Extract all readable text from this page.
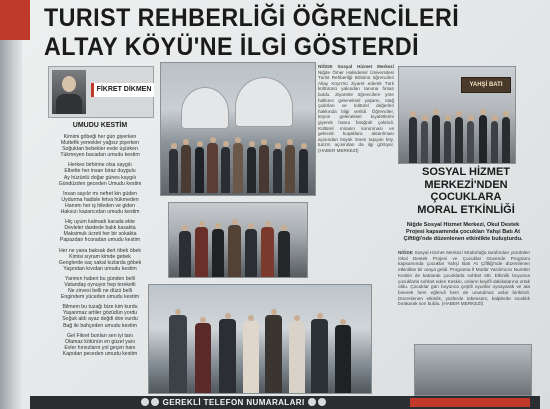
TURIST REHBERLİĞİ ÖĞRENCİLERİ
ALTAY KÖYÜ'NE İLGİ GÖSTERDİ
FİKRET DİKMEN
UMUDU KESTİM
Kimimi göbeği her gün giyerken
Muttefik yemekler yağsız pişerken
Soğuktan bebekler evde üşürken
Tükmeyen bacadan umudu kestim
Herkes birbirine olsa saygılı
Elbette her insan biraz duygulu
Ay hüzünlü doğar günes kaygılı
Gündüzden geceden Umudu kestim
Insan sayılır mı nefret kin güden
Uydurma hadisle fetva hükmeden
Hanımı her iş hileden ve giden
Haksızı kazancıdan umudu kestim
Hiç uyum kalmadı karada ekte
Devleler dardede balık kasakta
Maksimuk ücreti her bir sokakta
Papazdan fıcoradan umudu kestim
Her ne yana baksak dert öbek öbek
Kimisi sıyram kimde gebek
Genglerde saç sakal kızlarda göbek
Yaşından kıvıdan umudu kestim
Yanmın haberi bu günden belli
Vatandaş oynuyor hep tereketli
Ne zirvesi belli ne düzü belli
Engindem yüceden umudu kestim
Bilmem bu tuzağı bize kim kurdu
Yaşanmaz artiler gözüdün yordu
Soğuk aldı ayaz değdi don vurdu
Bağ ile bahçeden umudu kestim
Gel Fikret bunları sen iyi tanı
Olamaz kötünün en güzel yanı
Evler hırsızların yol geçen hanı
Kapıdan peceden umudu kestim
NİĞDE Sosyal Hizmet Merkezi Niğde Ömer Halisdemir Üniversitesi Turist Rehberliği Bölümü öğrencileri Altay Köyü'nü ziyaret ederek Türk kültürünü yakından tanıma fırsatı buldu. Ziyarette öğrencilere yöre halkının geleneksel yaşamı, otağ çadırları ve kültürel değerleri hakkında bilgi verildi. Öğrenciler, köyün geleneksel kıyafetlerini giyerek hatıra fotoğrafı çektirdi. Kültürel mirasın korunması ve gelecek kuşaklara aktarılması açısından büyük önem taşıyan köy, turizm açısından da ilgi görüyor. (HABER MERKEZİ)
YAHŞİ BATI
SOSYAL HİZMET
MERKEZİ'NDEN
ÇOCUKLARA
MORAL ETKİNLİĞİ
Niğde Sosyal Hizmet Merkezi, Okul Destek Projesi kapsamında çocukları Yahşi Batı At Çiftliği'nde düzenlenen etkinlikte buluşturdu.
NİĞDE Sosyal Hizmet Merkezi Müdürlüğü tarafından yürütülen Okul Destek Projesi ve Çocuklar Güvende Programı kapsamında çocuklar Yahşi Batı At Çiftliği'nde düzenlenen etkinlikte bir araya geldi. Programa İl Müdür Yardımcısı Nurettin Keskin de katılarak çocuklarla sohbet etti. Etkinlik boyunca çocuklarla sohbet eden Keskin, onların keyifli dakikalarına ortak oldu. Çocuklar gün boyunca çeşitli oyunlar oynayarak ve ata binerek hem eğlendi hem de unutulmaz anlar biriktirdi. Düzenlenen etkinlik, yüzlerde tebessüm, kalplerde sıcaklık bırakarak son buldu. (HABER MERKEZİ)
GEREKLİ TELEFON NUMARALARI
